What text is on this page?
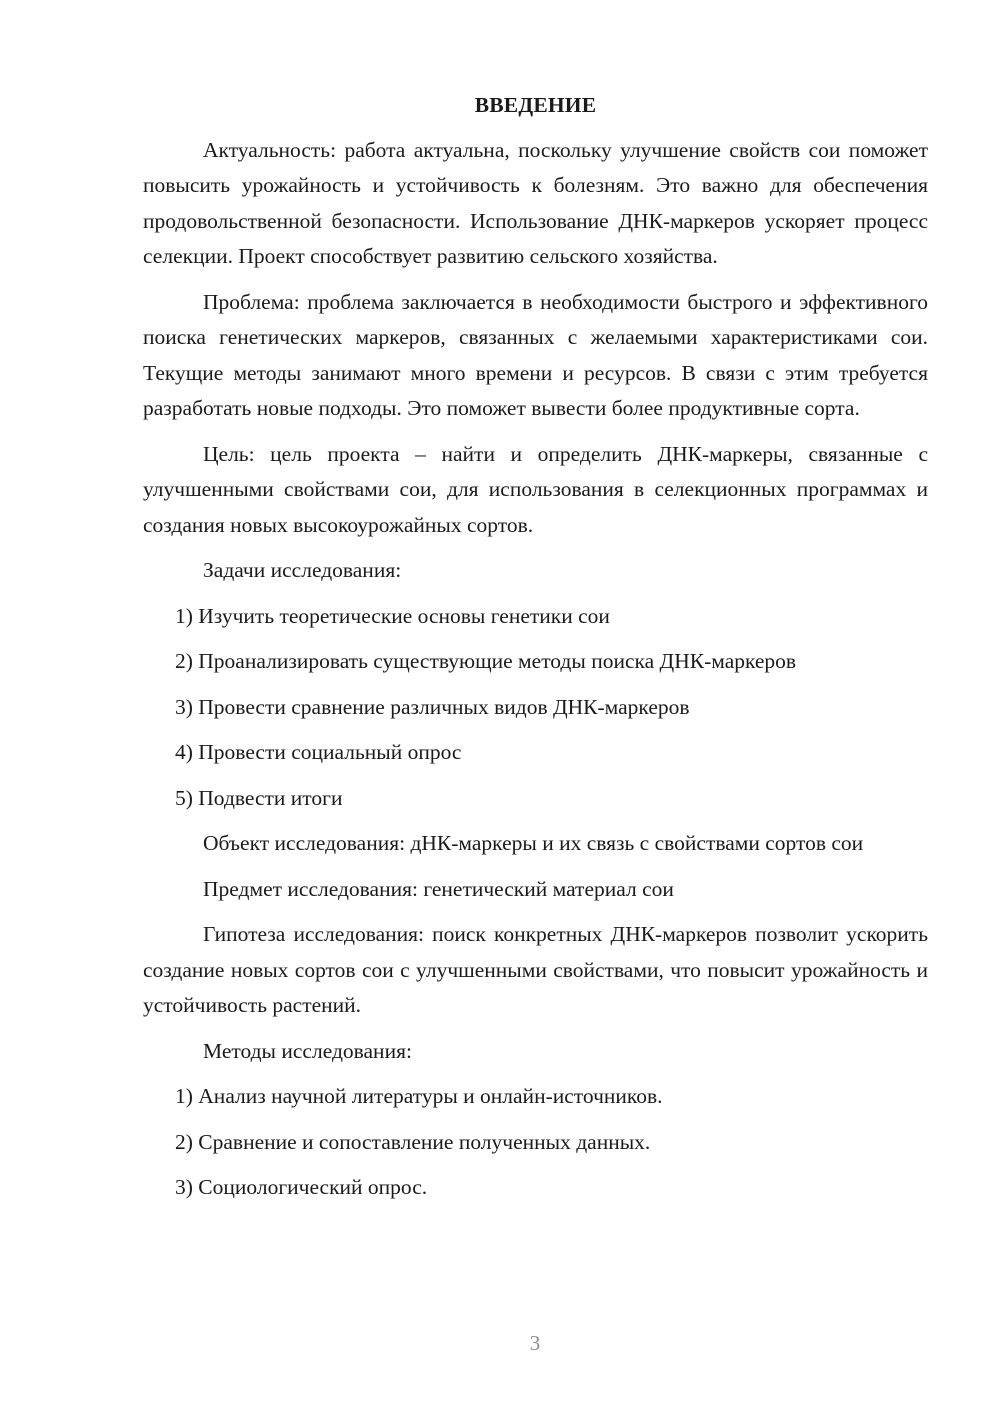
ВВЕДЕНИЕ
Актуальность: работа актуальна, поскольку улучшение свойств сои поможет повысить урожайность и устойчивость к болезням. Это важно для обеспечения продовольственной безопасности. Использование ДНК-маркеров ускоряет процесс селекции. Проект способствует развитию сельского хозяйства.
Проблема: проблема заключается в необходимости быстрого и эффективного поиска генетических маркеров, связанных с желаемыми характеристиками сои. Текущие методы занимают много времени и ресурсов. В связи с этим требуется разработать новые подходы. Это поможет вывести более продуктивные сорта.
Цель: цель проекта – найти и определить ДНК-маркеры, связанные с улучшенными свойствами сои, для использования в селекционных программах и создания новых высокоурожайных сортов.
Задачи исследования:
1) Изучить теоретические основы генетики сои
2) Проанализировать существующие методы поиска ДНК-маркеров
3) Провести сравнение различных видов ДНК-маркеров
4) Провести социальный опрос
5) Подвести итоги
Объект исследования: дНК-маркеры и их связь с свойствами сортов сои
Предмет исследования: генетический материал сои
Гипотеза исследования: поиск конкретных ДНК-маркеров позволит ускорить создание новых сортов сои с улучшенными свойствами, что повысит урожайность и устойчивость растений.
Методы исследования:
1) Анализ научной литературы и онлайн-источников.
2) Сравнение и сопоставление полученных данных.
3) Социологический опрос.
3
